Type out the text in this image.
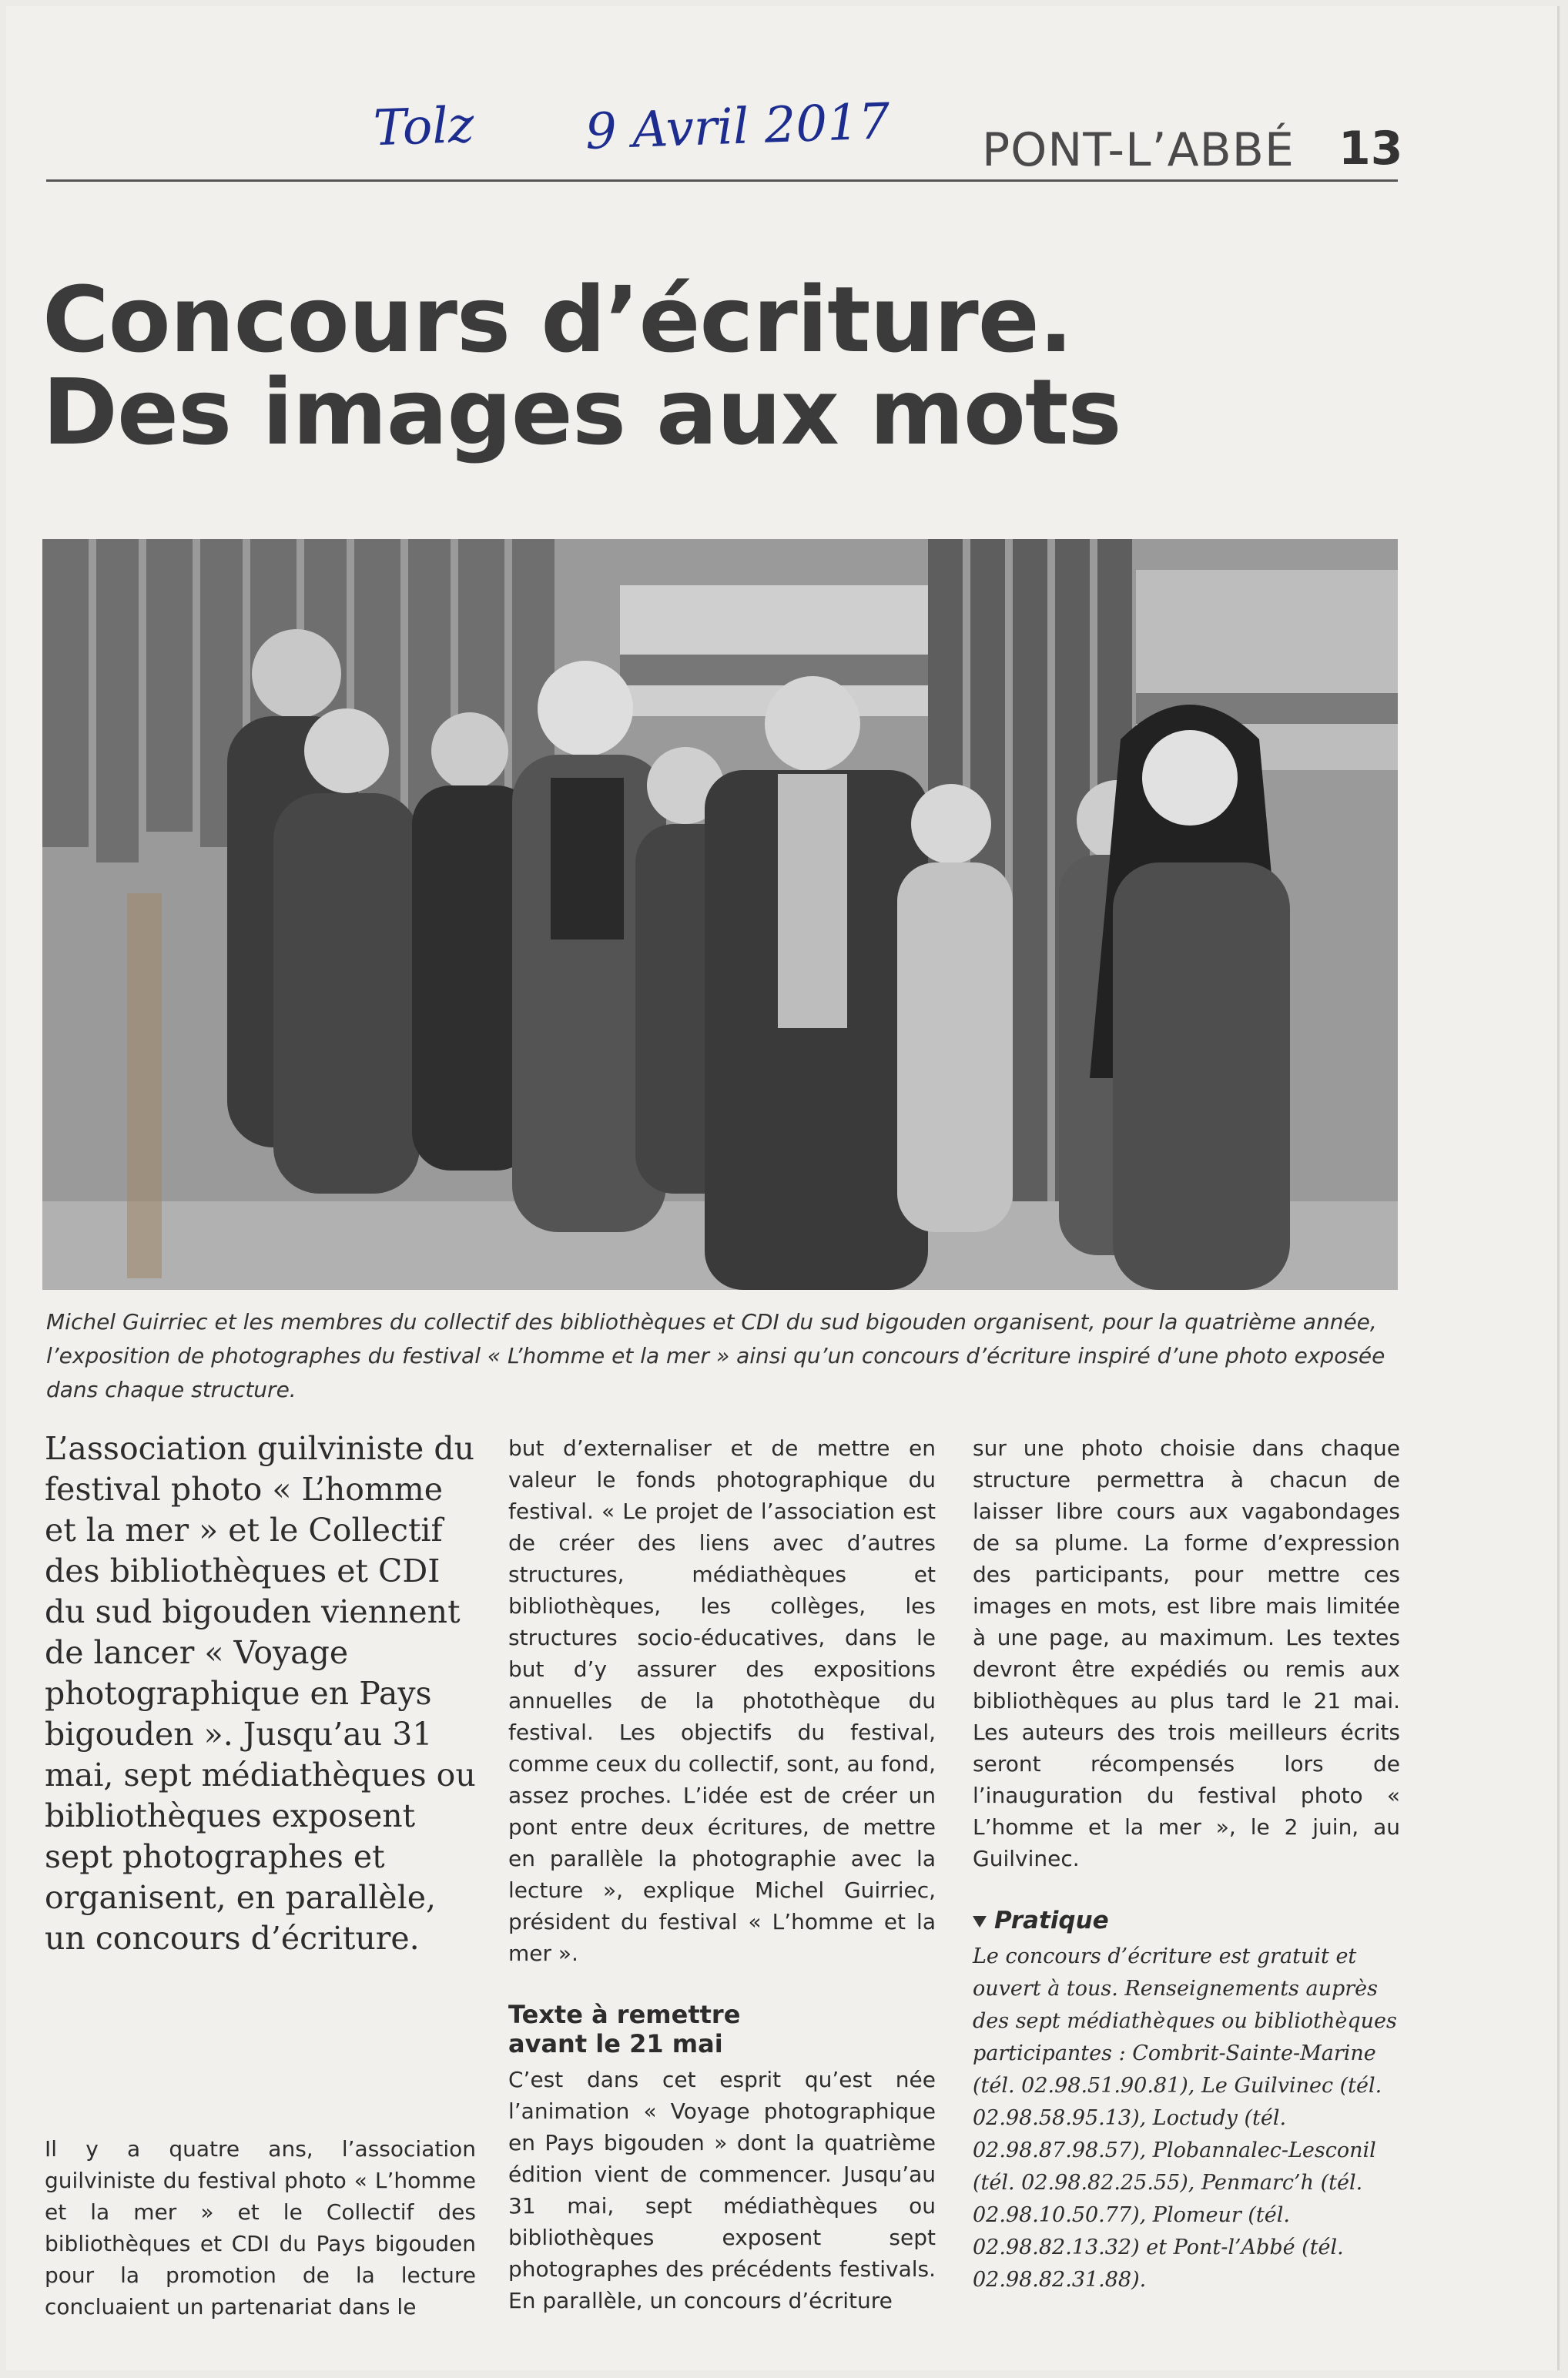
Tolz 9 Avril 2017 PONT-L’ABBÉ 13
Concours d’écriture.
Des images aux mots
Michel Guirriec et les membres du collectif des bibliothèques et CDI du sud bigouden organisent, pour la quatrième année, l’exposition de photographes du festival « L’homme et la mer » ainsi qu’un concours d’écriture inspiré d’une photo exposée dans chaque structure.
L’association guilviniste du festival photo « L’homme et la mer » et le Collectif des bibliothèques et CDI du sud bigouden viennent de lancer « Voyage photographique en Pays bigouden ». Jusqu’au 31 mai, sept médiathèques ou bibliothèques exposent sept photographes et organisent, en parallèle, un concours d’écriture.
Il y a quatre ans, l’association guilviniste du festival photo « L’homme et la mer » et le Collectif des bibliothèques et CDI du Pays bigouden pour la promotion de la lecture concluaient un partenariat dans le
but d’externaliser et de mettre en valeur le fonds photographique du festival. « Le projet de l’association est de créer des liens avec d’autres structures, médiathèques et bibliothèques, les collèges, les structures socio-éducatives, dans le but d’y assurer des expositions annuelles de la photothèque du festival. Les objectifs du festival, comme ceux du collectif, sont, au fond, assez proches. L’idée est de créer un pont entre deux écritures, de mettre en parallèle la photographie avec la lecture », explique Michel Guirriec, président du festival « L’homme et la mer ».
Texte à remettre
avant le 21 mai
C’est dans cet esprit qu’est née l’animation « Voyage photographique en Pays bigouden » dont la quatrième édition vient de commencer. Jusqu’au 31 mai, sept médiathèques ou bibliothèques exposent sept photographes des précédents festivals. En parallèle, un concours d’écriture
sur une photo choisie dans chaque structure permettra à chacun de laisser libre cours aux vagabondages de sa plume. La forme d’expression des participants, pour mettre ces images en mots, est libre mais limitée à une page, au maximum. Les textes devront être expédiés ou remis aux bibliothèques au plus tard le 21 mai. Les auteurs des trois meilleurs écrits seront récompensés lors de l’inauguration du festival photo « L’homme et la mer », le 2 juin, au Guilvinec.
Pratique
Le concours d’écriture est gratuit et ouvert à tous. Renseignements auprès des sept médiathèques ou bibliothèques participantes : Combrit-Sainte-Marine (tél. 02.98.51.90.81), Le Guilvinec (tél. 02.98.58.95.13), Loctudy (tél. 02.98.87.98.57), Plobannalec-Lesconil (tél. 02.98.82.25.55), Penmarc’h (tél. 02.98.10.50.77), Plomeur (tél. 02.98.82.13.32) et Pont-l’Abbé (tél. 02.98.82.31.88).
